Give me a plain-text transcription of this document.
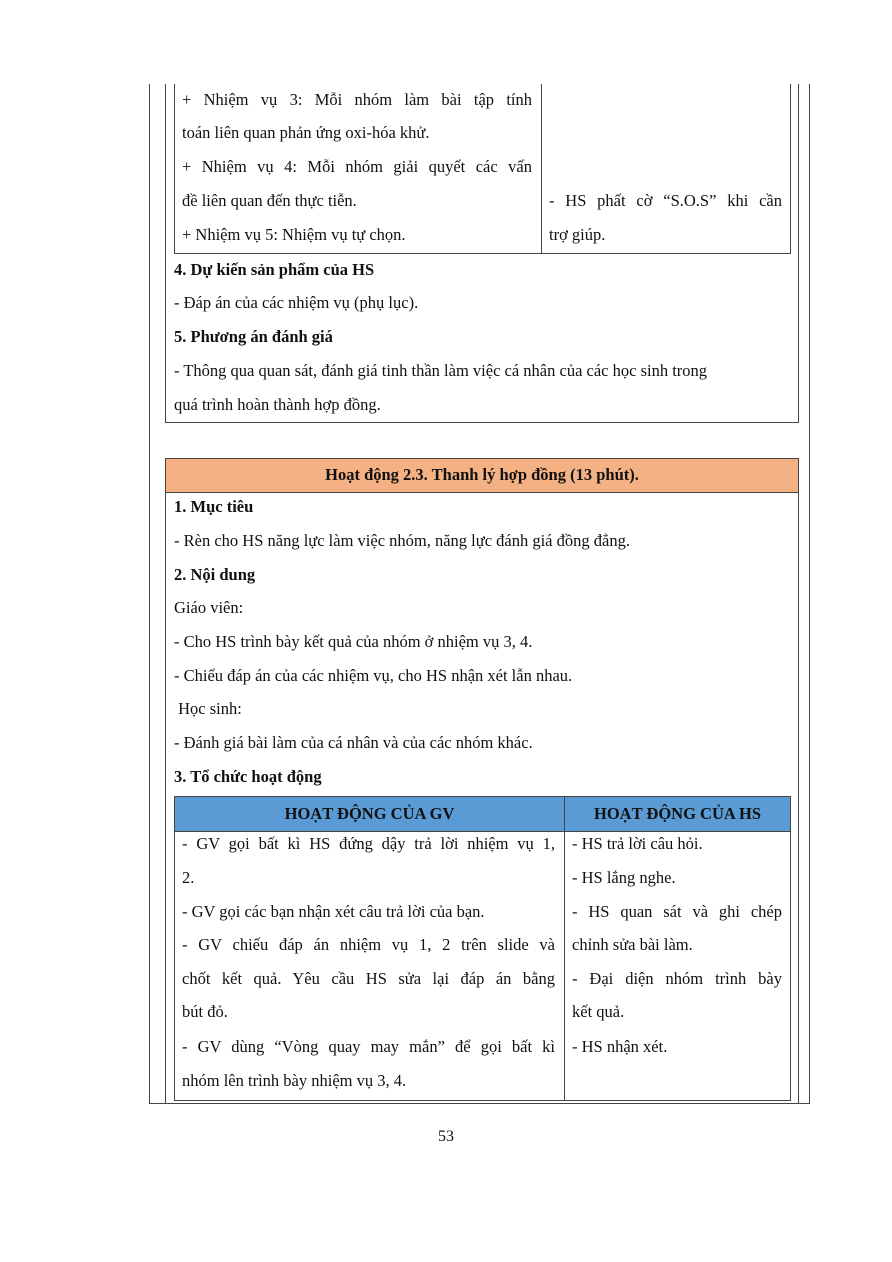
+ Nhiệm vụ 3: Mỗi nhóm làm bài tập tính
toán liên quan phản ứng oxi-hóa khử.
+ Nhiệm vụ 4: Mỗi nhóm giải quyết các vấn
đề liên quan đến thực tiễn.
+ Nhiệm vụ 5: Nhiệm vụ tự chọn.
- HS phất cờ “S.O.S” khi cần
trợ giúp.
4. Dự kiến sản phẩm của HS
- Đáp án của các nhiệm vụ (phụ lục).
5. Phương án đánh giá
- Thông qua quan sát, đánh giá tinh thần làm việc cá nhân của các học sinh trong
quá trình hoàn thành hợp đồng.
Hoạt động 2.3. Thanh lý hợp đồng (13 phút).
1. Mục tiêu
- Rèn cho HS năng lực làm việc nhóm, năng lực đánh giá đồng đẳng.
2. Nội dung
Giáo viên:
- Cho HS trình bày kết quả của nhóm ở nhiệm vụ 3, 4.
- Chiếu đáp án của các nhiệm vụ, cho HS nhận xét lẫn nhau.
Học sinh:
- Đánh giá bài làm của cá nhân và của các nhóm khác.
3. Tổ chức hoạt động
HOẠT ĐỘNG CỦA GV	HOẠT ĐỘNG CỦA HS
- GV gọi bất kì HS đứng dậy trả lời nhiệm vụ 1,
2.
- GV gọi các bạn nhận xét câu trả lời của bạn.
- GV chiếu đáp án nhiệm vụ 1, 2 trên slide và
chốt kết quả. Yêu cầu HS sửa lại đáp án bằng
bút đỏ.
- GV dùng “Vòng quay may mắn” để gọi bất kì
nhóm lên trình bày nhiệm vụ 3, 4.
- HS trả lời câu hỏi.
- HS lắng nghe.
- HS quan sát và ghi chép
chỉnh sửa bài làm.
- Đại diện nhóm trình bày
kết quả.
- HS nhận xét.
53
